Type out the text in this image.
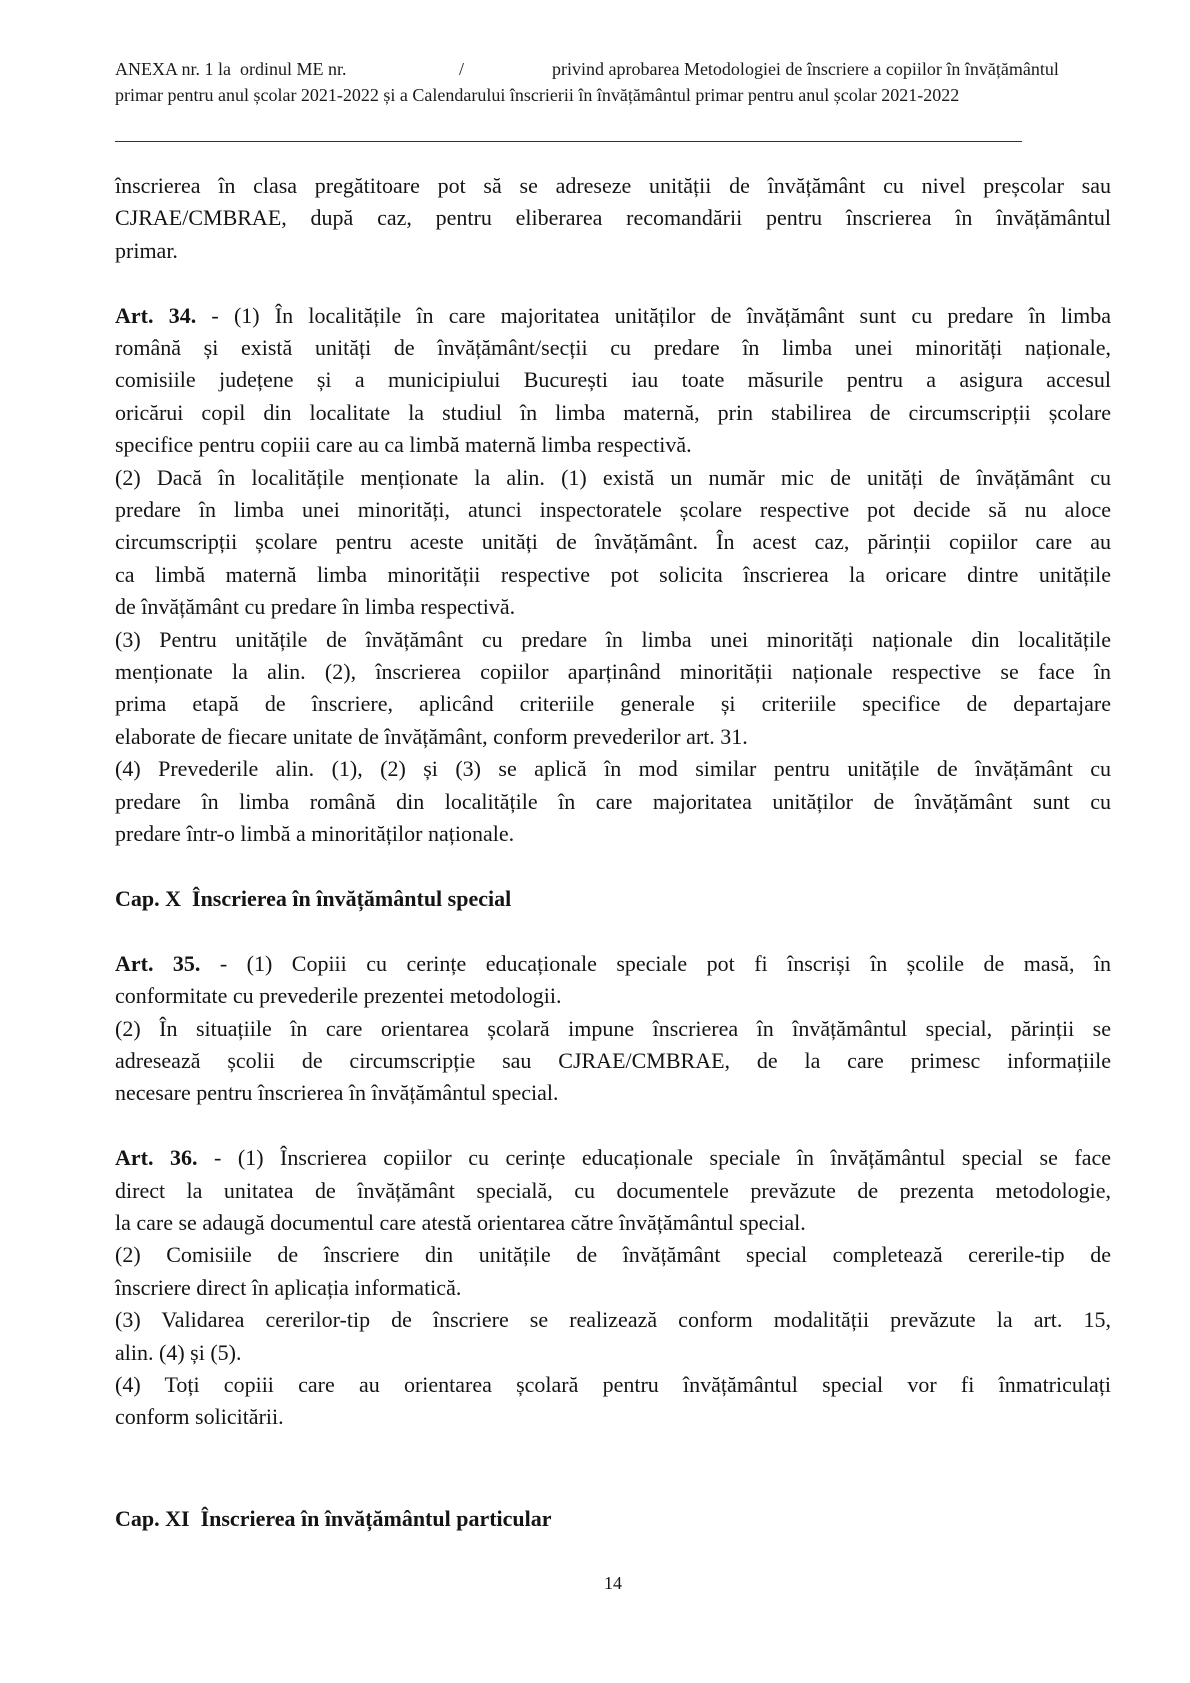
ANEXA nr. 1 la  ordinul ME nr.	/	privind aprobarea Metodologiei de înscriere a copiilor în învățământul
primar pentru anul școlar 2021-2022 și a Calendarului înscrierii în învățământul primar pentru anul școlar 2021-2022
înscrierea în clasa pregătitoare pot să se adreseze unității de învățământ cu nivel preșcolar sau
CJRAE/CMBRAE, după caz, pentru eliberarea recomandării pentru înscrierea în învățământul
primar.
Art. 34. - (1) În localitățile în care majoritatea unităților de învățământ sunt cu predare în limba
română și există unități de învățământ/secții cu predare în limba unei minorități naționale,
comisiile județene și a municipiului București iau toate măsurile pentru a asigura accesul
oricărui copil din localitate la studiul în limba maternă, prin stabilirea de circumscripții școlare
specifice pentru copiii care au ca limbă maternă limba respectivă.
(2) Dacă în localitățile menționate la alin. (1) există un număr mic de unități de învățământ cu
predare în limba unei minorități, atunci inspectoratele școlare respective pot decide să nu aloce
circumscripții școlare pentru aceste unități de învățământ. În acest caz, părinții copiilor care au
ca limbă maternă limba minorității respective pot solicita înscrierea la oricare dintre unitățile
de învățământ cu predare în limba respectivă.
(3) Pentru unitățile de învățământ cu predare în limba unei minorități naționale din localitățile
menționate la alin. (2), înscrierea copiilor aparținând minorității naționale respective se face în
prima etapă de înscriere, aplicând criteriile generale și criteriile specifice de departajare
elaborate de fiecare unitate de învățământ, conform prevederilor art. 31.
(4) Prevederile alin. (1), (2) și (3) se aplică în mod similar pentru unitățile de învățământ cu
predare în limba română din localitățile în care majoritatea unităților de învățământ sunt cu
predare într-o limbă a minorităților naționale.
Cap. X  Înscrierea în învățământul special
Art. 35. - (1) Copiii cu cerințe educaționale speciale pot fi înscriși în școlile de masă, în
conformitate cu prevederile prezentei metodologii.
(2) În situațiile în care orientarea școlară impune înscrierea în învățământul special, părinții se
adresează școlii de circumscripție sau CJRAE/CMBRAE, de la care primesc informațiile
necesare pentru înscrierea în învățământul special.
Art. 36. - (1) Înscrierea copiilor cu cerințe educaționale speciale în învățământul special se face
direct la unitatea de învățământ specială, cu documentele prevăzute de prezenta metodologie,
la care se adaugă documentul care atestă orientarea către învățământul special.
(2) Comisiile de înscriere din unitățile de învățământ special completează cererile-tip de
înscriere direct în aplicația informatică.
(3) Validarea cererilor-tip de înscriere se realizează conform modalității prevăzute la art. 15,
alin. (4) și (5).
(4) Toți copiii care au orientarea școlară pentru învățământul special vor fi înmatriculați
conform solicitării.
Cap. XI  Înscrierea în învățământul particular
14
